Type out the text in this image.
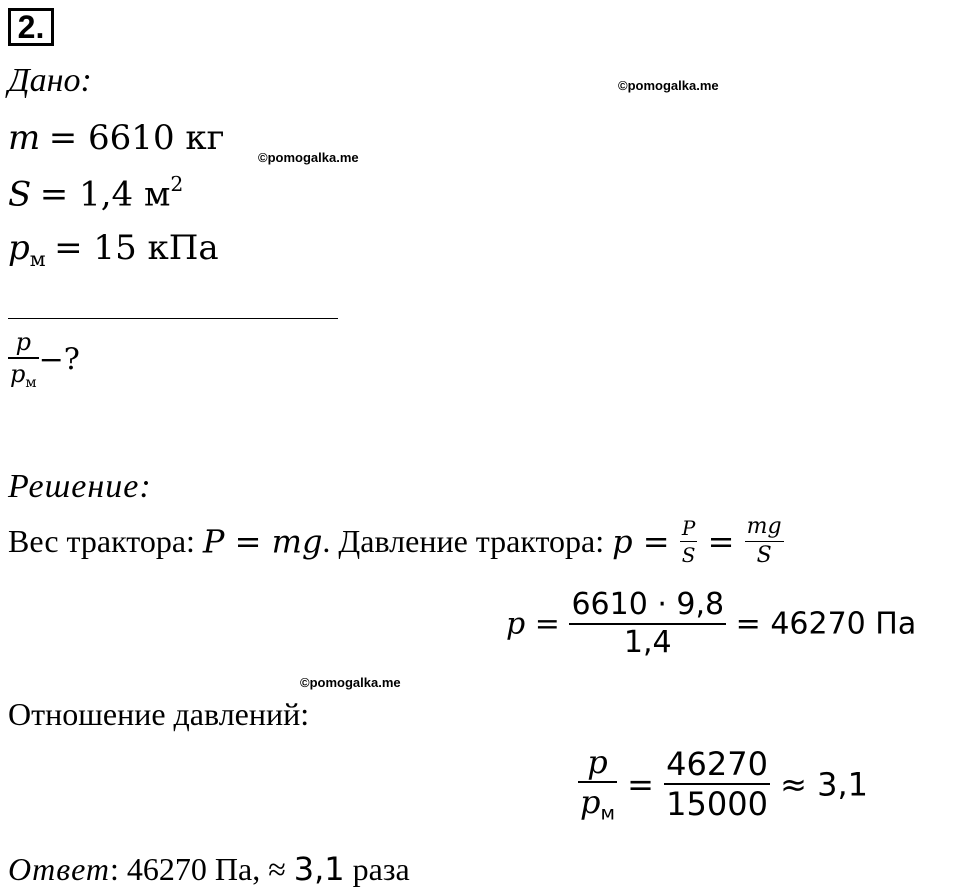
2.
Дано:
m = 6610 кг
S = 1,4 $м^2$
$p_м = 15$ кПа
$\frac{p}{p_м}$ −?
Решение:
Вес трактора: P = mg. Давление трактора: $p = \frac{P}{S} = \frac{mg}{S}$
$p = \frac{6610 \cdot 9,8}{1,4} = 46270$ Па
©pomogalka.me
©pomogalka.me
©pomogalka.me
Отношение давлений:
$\frac{p}{p_м} = \frac{46270}{15000} \approx 3,1$
Ответ: 46270 Па, ≈ 3,1 раза
